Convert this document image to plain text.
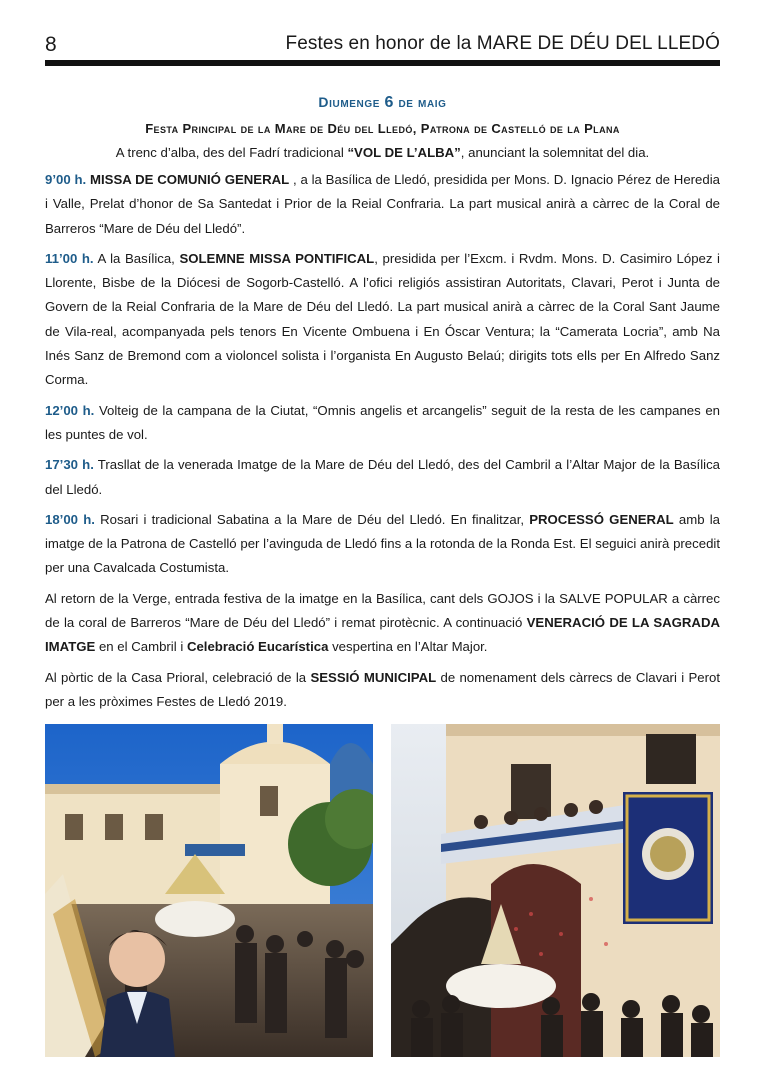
8	Festes en honor de la MARE DE DÉU DEL LLEDÓ
Diumenge 6 de maig
Festa Principal de la Mare de Déu del Lledó, Patrona de Castelló de la Plana
A trenc d’alba, des del Fadrí tradicional “VOL DE L’ALBA”, anunciant la solemnitat del dia.

9’00 h. MISSA DE COMUNIÓ GENERAL , a la Basílica de Lledó, presidida per Mons. D. Ignacio Pérez de Heredia i Valle, Prelat d’honor de Sa Santedat i Prior de la Reial Confraria. La part musical anirà a càrrec de la Coral de Barreros “Mare de Déu del Lledó”.

11’00 h. A la Basílica, SOLEMNE MISSA PONTIFICAL, presidida per l’Excm. i Rvdm. Mons. D. Casimiro López i Llorente, Bisbe de la Diócesi de Sogorb-Castelló. A l’ofici religiós assistiran Autoritats, Clavari, Perot i Junta de Govern de la Reial Confraria de la Mare de Déu del Lledó. La part musical anirà a càrrec de la Coral Sant Jaume de Vila-real, acompanyada pels tenors En Vicente Ombuena i En Óscar Ventura; la “Camerata Locria”, amb Na Inés Sanz de Bremond com a violoncel solista i l’organista En Augusto Belaú; dirigits tots ells per En Alfredo Sanz Corma.

12’00 h. Volteig de la campana de la Ciutat, “Omnis angelis et arcangelis” seguit de la resta de les campanes en les puntes de vol.

17’30 h. Trasllat de la venerada Imatge de la Mare de Déu del Lledó, des del Cambril a l’Altar Major de la Basílica del Lledó.

18’00 h. Rosari i tradicional Sabatina a la Mare de Déu del Lledó. En finalitzar, PROCESSÓ GENERAL amb la imatge de la Patrona de Castelló per l’avinguda de Lledó fins a la rotonda de la Ronda Est. El seguici anirà precedit per una Cavalcada Costumista.

Al retorn de la Verge, entrada festiva de la imatge en la Basílica, cant dels GOJOS i la SALVE POPULAR a càrrec de la coral de Barreros “Mare de Déu del Lledó” i remat pirotècnic. A continuació VENERACIÓ DE LA SAGRADA IMATGE en el Cambril i Celebració Eucarística vespertina en l’Altar Major.

Al pòrtic de la Casa Prioral, celebració de la SESSIÓ MUNICIPAL de nomenament dels càrrecs de Clavari i Perot per a les pròximes Festes de Lledó 2019.
